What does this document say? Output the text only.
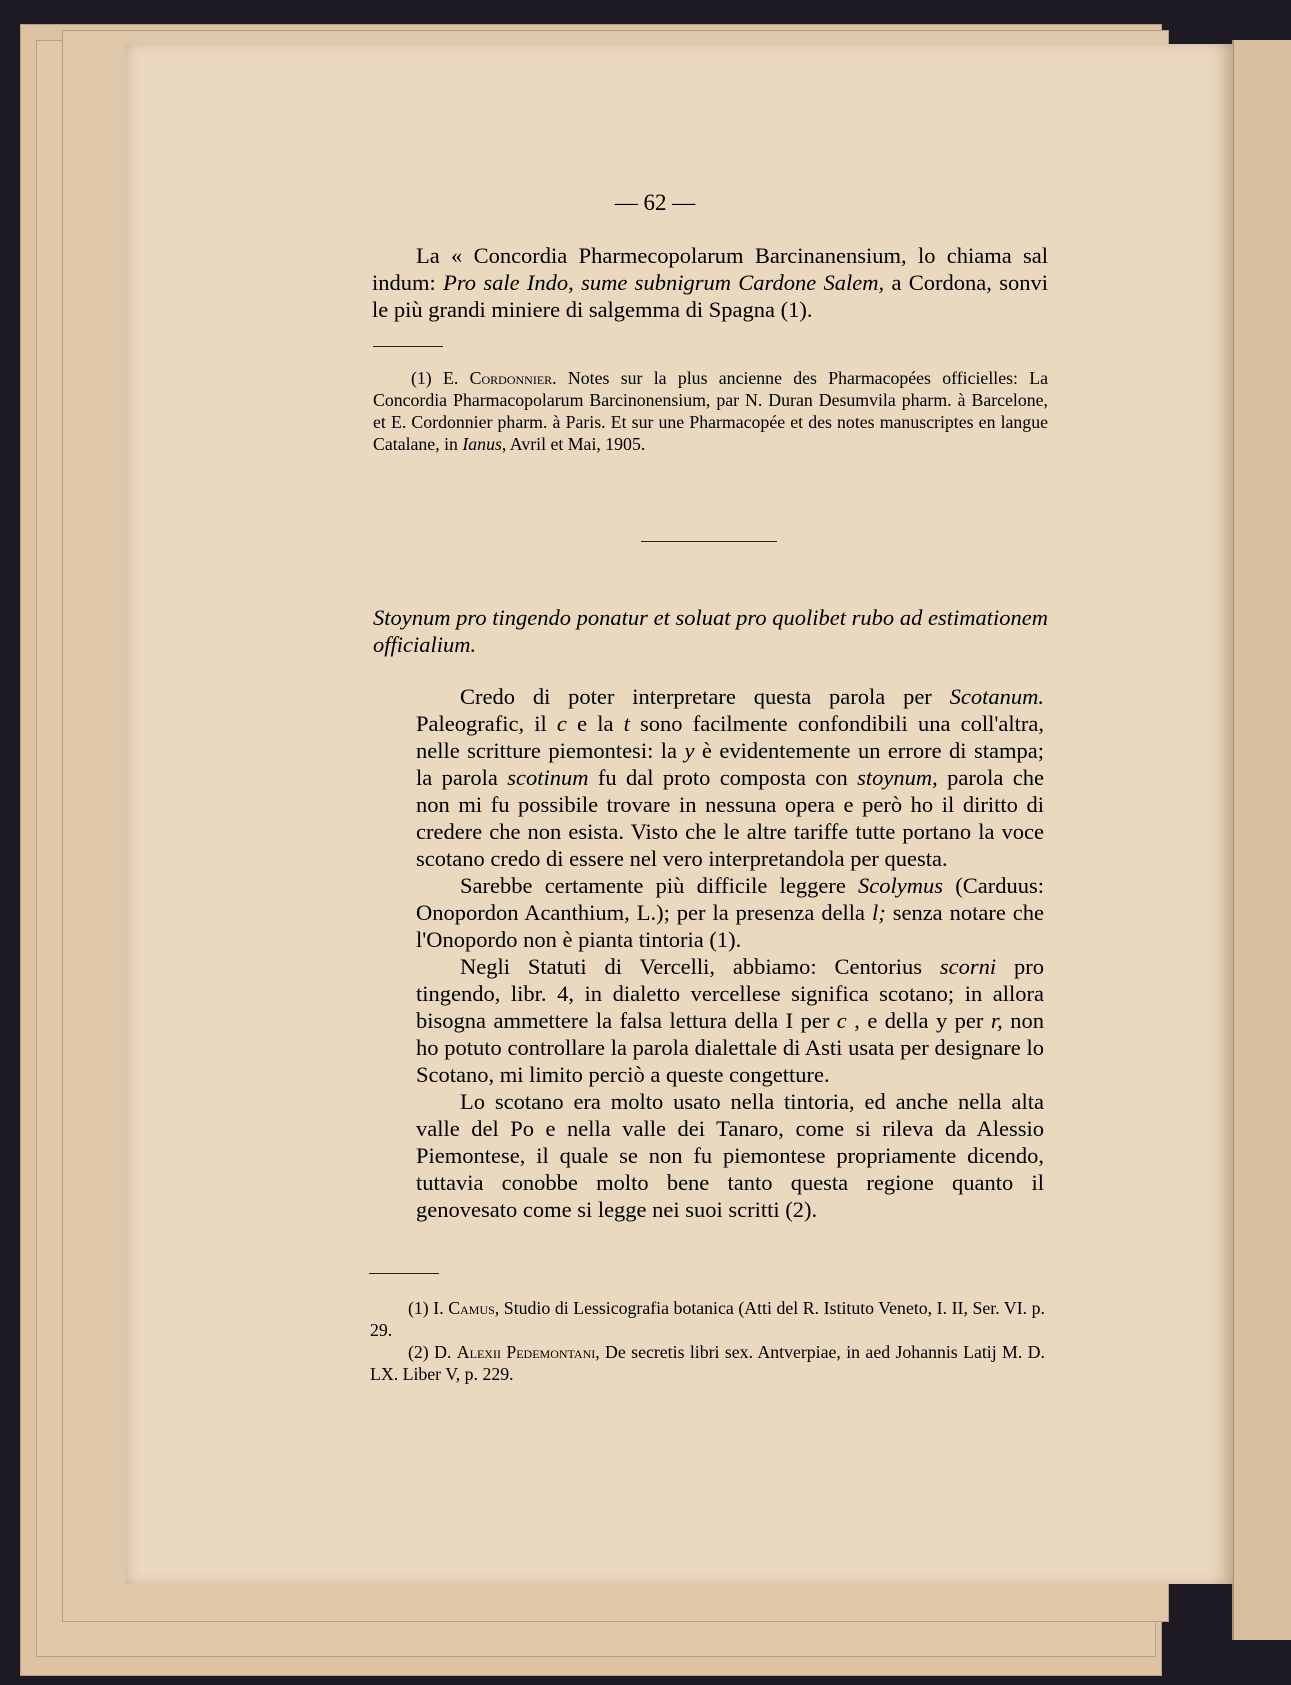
— 62 —

La « Concordia Pharmecopolarum Barcinanensium, lo chiama sal indum: Pro sale Indo, sume subnigrum Cardone Salem, a Cordona, sonvi le più grandi miniere di salgemma di Spagna (1).

(1) E. Cordonnier. Notes sur la plus ancienne des Pharmacopées officielles: La Concordia Pharmacopolarum Barcinonensium, par N. Duran Desumvila pharm. à Barcelone, et E. Cordonnier pharm. à Paris. Et sur une Pharmacopée et des notes manuscriptes en langue Catalane, in Ianus, Avril et Mai, 1905.

Stoynum pro tingendo ponatur et soluat pro quolibet rubo ad estimationem officialium.

Credo di poter interpretare questa parola per Scotanum. Paleografic, il c e la t sono facilmente confondibili una coll'altra, nelle scritture piemontesi: la y è evidentemente un errore di stampa; la parola scotinum fu dal proto composta con stoynum, parola che non mi fu possibile trovare in nessuna opera e però ho il diritto di credere che non esista. Visto che le altre tariffe tutte portano la voce scotano credo di essere nel vero interpretandola per questa.

Sarebbe certamente più difficile leggere Scolymus (Carduus: Onopordon Acanthium, L.); per la presenza della l; senza notare che l'Onopordo non è pianta tintoria (1).

Negli Statuti di Vercelli, abbiamo: Centorius scorni pro tingendo, libr. 4, in dialetto vercellese significa scotano; in allora bisogna ammettere la falsa lettura della I per c , e della y per r, non ho potuto controllare la parola dialettale di Asti usata per designare lo Scotano, mi limito perciò a queste congetture.

Lo scotano era molto usato nella tintoria, ed anche nella alta valle del Po e nella valle dei Tanaro, come si rileva da Alessio Piemontese, il quale se non fu piemontese propriamente dicendo, tuttavia conobbe molto bene tanto questa regione quanto il genovesato come si legge nei suoi scritti (2).

(1) I. Camus, Studio di Lessicografia botanica (Atti del R. Istituto Veneto, I. II, Ser. VI. p. 29.

(2) D. Alexii Pedemontani, De secretis libri sex. Antverpiae, in aed Johannis Latij M. D. LX. Liber V, p. 229.
